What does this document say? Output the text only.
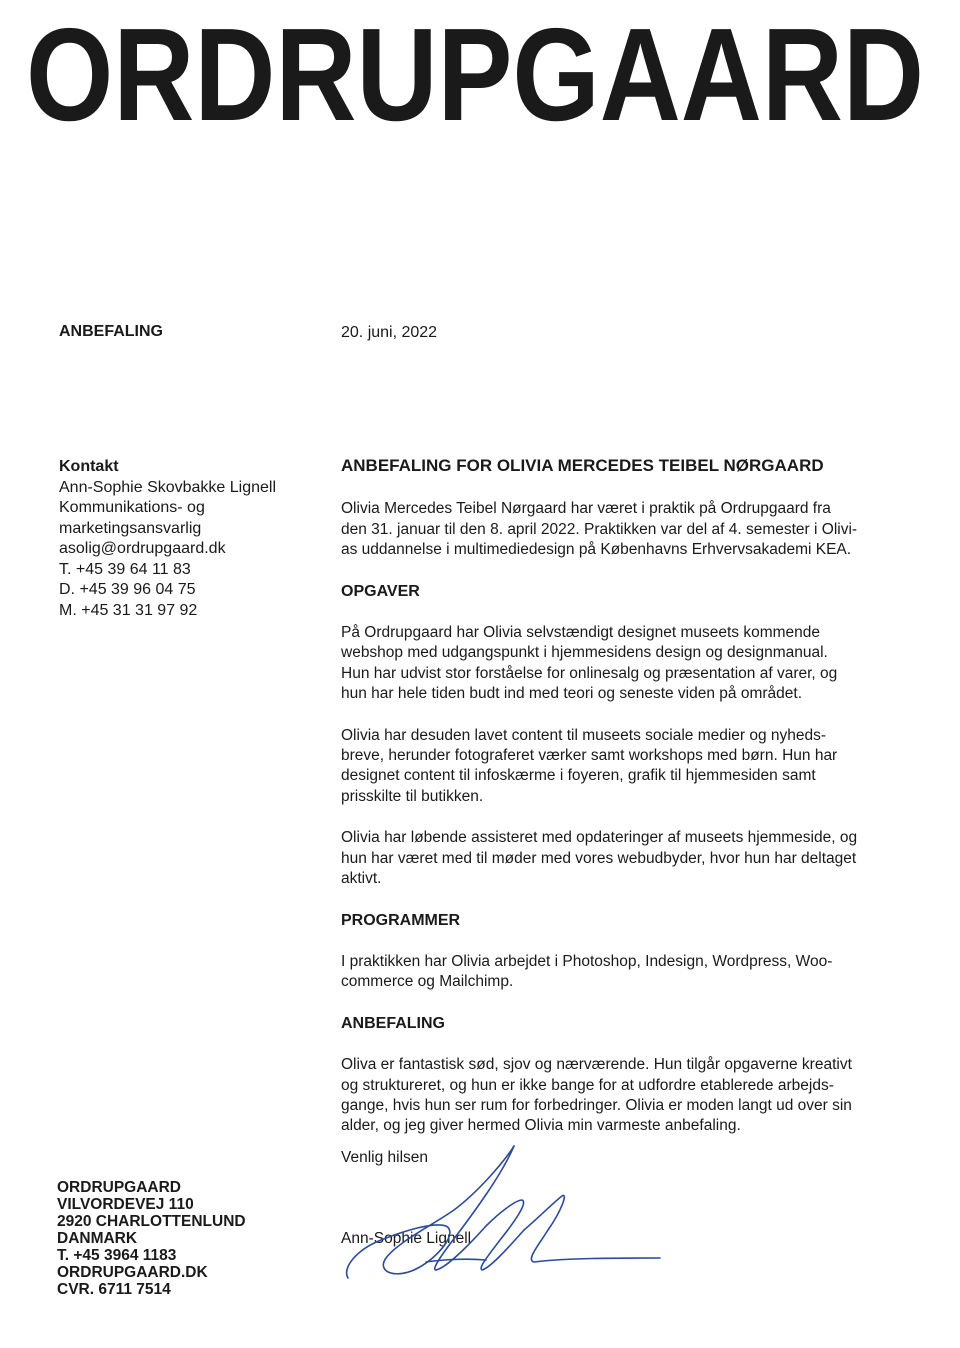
ORDRUPGAARD
ANBEFALING	20. juni, 2022
Kontakt
Ann-Sophie Skovbakke Lignell
Kommunikations- og
marketingsansvarlig
asolig@ordrupgaard.dk
T. +45 39 64 11 83
D. +45 39 96 04 75
M. +45 31 31 97 92
ANBEFALING FOR OLIVIA MERCEDES TEIBEL NØRGAARD

Olivia Mercedes Teibel Nørgaard har været i praktik på Ordrupgaard fra
den 31. januar til den 8. april 2022. Praktikken var del af 4. semester i Olivi-
as uddannelse i multimediedesign på Københavns Erhvervsakademi KEA.

OPGAVER

På Ordrupgaard har Olivia selvstændigt designet museets kommende
webshop med udgangspunkt i hjemmesidens design og designmanual.
Hun har udvist stor forståelse for onlinesalg og præsentation af varer, og
hun har hele tiden budt ind med teori og seneste viden på området.

Olivia har desuden lavet content til museets sociale medier og nyheds-
breve, herunder fotograferet værker samt workshops med børn. Hun har
designet content til infoskærme i foyeren, grafik til hjemmesiden samt
prisskilte til butikken.

Olivia har løbende assisteret med opdateringer af museets hjemmeside, og
hun har været med til møder med vores webudbyder, hvor hun har deltaget
aktivt.

PROGRAMMER

I praktikken har Olivia arbejdet i Photoshop, Indesign, Wordpress, Woo-
commerce og Mailchimp.

ANBEFALING

Oliva er fantastisk sød, sjov og nærværende. Hun tilgår opgaverne kreativt
og struktureret, og hun er ikke bange for at udfordre etablerede arbejds-
gange, hvis hun ser rum for forbedringer. Olivia er moden langt ud over sin
alder, og jeg giver hermed Olivia min varmeste anbefaling.

Venlig hilsen
Ann-Sophie Lignell
ORDRUPGAARD
VILVORDEVEJ 110
2920 CHARLOTTENLUND
DANMARK
T. +45 3964 1183
ORDRUPGAARD.DK
CVR. 6711 7514
